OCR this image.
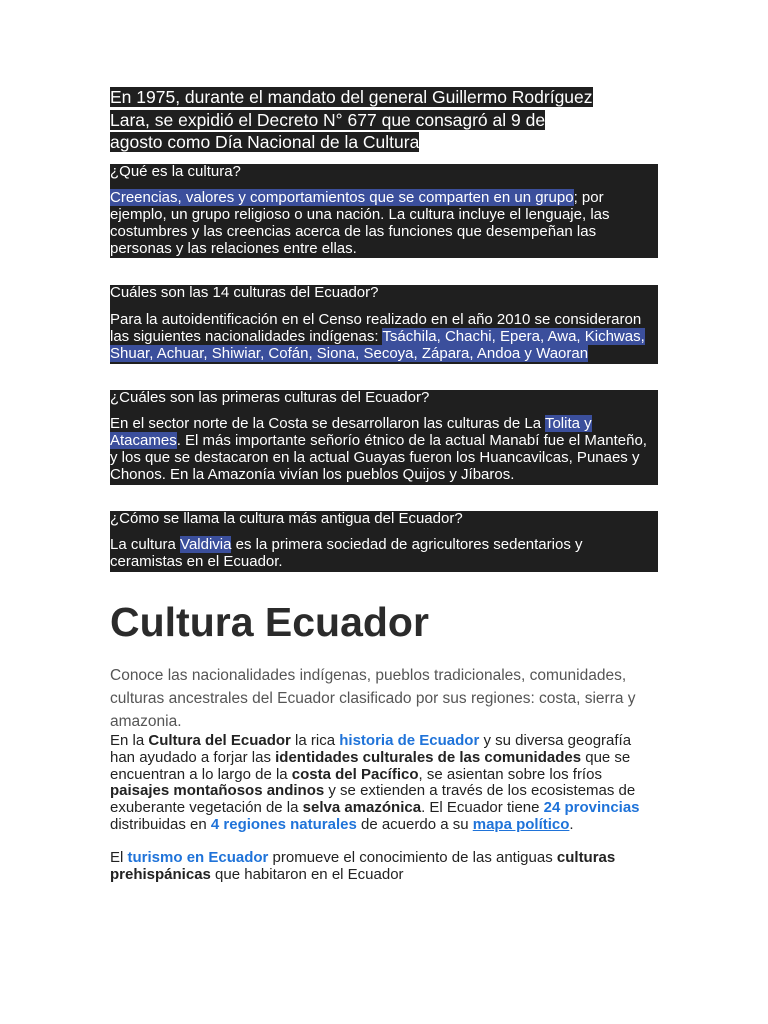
En 1975, durante el mandato del general Guillermo Rodríguez
Lara, se expidió el Decreto N° 677 que consagró al 9 de
agosto como Día Nacional de la Cultura

¿Qué es la cultura?

Creencias, valores y comportamientos que se comparten en un grupo; por ejemplo, un grupo religioso o una nación. La cultura incluye el lenguaje, las costumbres y las creencias acerca de las funciones que desempeñan las personas y las relaciones entre ellas.

Cuáles son las 14 culturas del Ecuador?

Para la autoidentificación en el Censo realizado en el año 2010 se consideraron las siguientes nacionalidades indígenas: Tsáchila, Chachi, Epera, Awa, Kichwas, Shuar, Achuar, Shiwiar, Cofán, Siona, Secoya, Zápara, Andoa y Waoran

¿Cuáles son las primeras culturas del Ecuador?

En el sector norte de la Costa se desarrollaron las culturas de La Tolita y Atacames. El más importante señorío étnico de la actual Manabí fue el Manteño, y los que se destacaron en la actual Guayas fueron los Huancavilcas, Punaes y Chonos. En la Amazonía vivían los pueblos Quijos y Jíbaros.

¿Cómo se llama la cultura más antigua del Ecuador?

La cultura Valdivia es la primera sociedad de agricultores sedentarios y ceramistas en el Ecuador.

Cultura Ecuador

Conoce las nacionalidades indígenas, pueblos tradicionales, comunidades, culturas ancestrales del Ecuador clasificado por sus regiones: costa, sierra y amazonia.

En la Cultura del Ecuador la rica historia de Ecuador y su diversa geografía han ayudado a forjar las identidades culturales de las comunidades que se encuentran a lo largo de la costa del Pacífico, se asientan sobre los fríos paisajes montañosos andinos y se extienden a través de los ecosistemas de exuberante vegetación de la selva amazónica. El Ecuador tiene 24 provincias distribuidas en 4 regiones naturales de acuerdo a su mapa político.

El turismo en Ecuador promueve el conocimiento de las antiguas culturas prehispánicas que habitaron en el Ecuador
